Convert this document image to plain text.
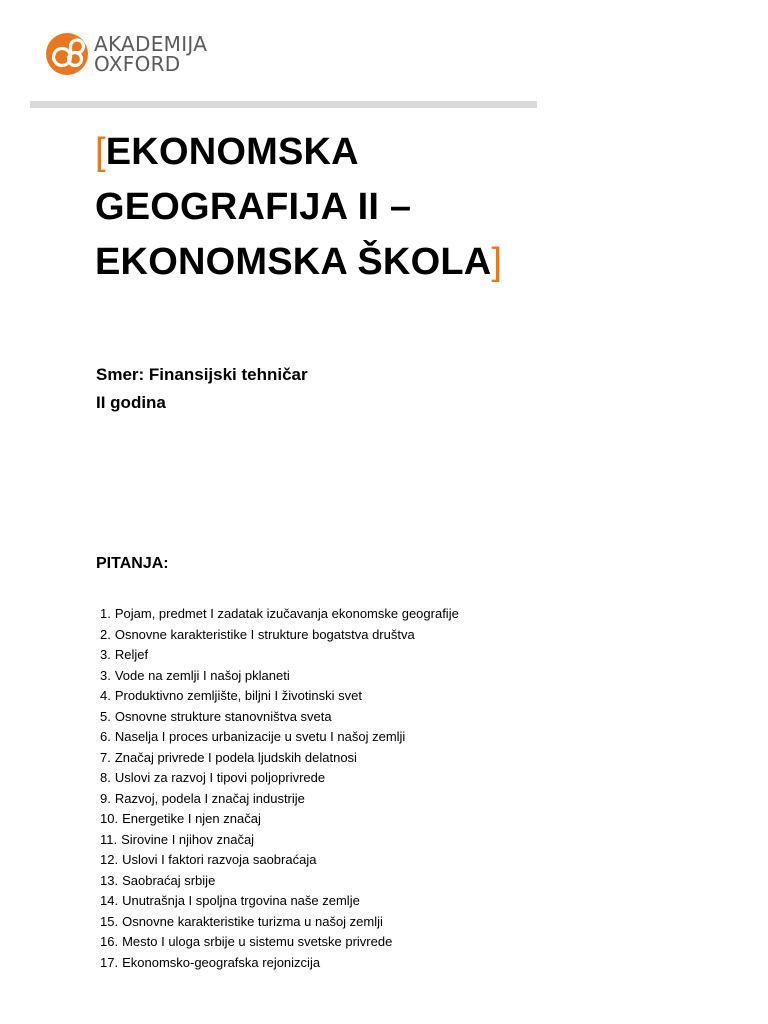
AKADEMIJA
OXFORD
[EKONOMSKA
GEOGRAFIJA II –
EKONOMSKA ŠKOLA]
Smer: Finansijski tehničar
II godina
PITANJA:
1. Pojam, predmet I zadatak izučavanja ekonomske geografije
2. Osnovne karakteristike I strukture bogatstva društva
3. Reljef
3. Vode na zemlji I našoj pklaneti
4. Produktivno zemljište, biljni I životinski svet
5. Osnovne strukture stanovništva sveta
6. Naselja I proces urbanizacije u svetu I našoj zemlji
7. Značaj privrede I podela ljudskih delatnosi
8. Uslovi za razvoj I tipovi poljoprivrede
9. Razvoj, podela I značaj industrije
10. Energetike I njen značaj
11. Sirovine I njihov značaj
12. Uslovi I faktori razvoja saobraćaja
13. Saobraćaj srbije
14. Unutrašnja I spoljna trgovina naše zemlje
15. Osnovne karakteristike turizma u našoj zemlji
16. Mesto I uloga srbije u sistemu svetske privrede
17. Ekonomsko-geografska rejonizcija
